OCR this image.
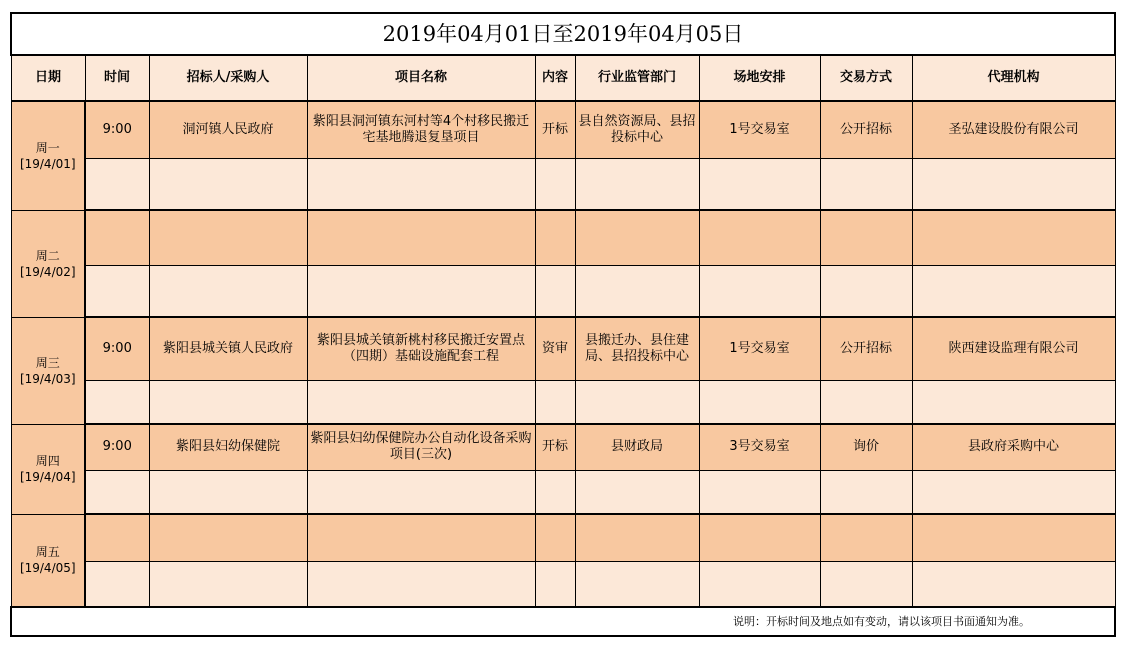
2019年04月01日至2019年04月05日								
日期	时间	招标人/采购人	项目名称	内容	行业监管部门	场地安排	交易方式	代理机构

周一
[19/4/01]	9:00	洞河镇人民政府	紫阳县洞河镇东河村等4个村移民搬迁宅基地腾退复垦项目	开标	县自然资源局、县招投标中心	1号交易室	公开招标	圣弘建设股份有限公司

周二
[19/4/02]								

周三
[19/4/03]	9:00	紫阳县城关镇人民政府	紫阳县城关镇新桃村移民搬迁安置点（四期）基础设施配套工程	资审	县搬迁办、县住建局、县招投标中心	1号交易室	公开招标	陕西建设监理有限公司

周四
[19/4/04]	9:00	紫阳县妇幼保健院	紫阳县妇幼保健院办公自动化设备采购项目(三次)	开标	县财政局	3号交易室	询价	县政府采购中心

周五
[19/4/05]								

说明：开标时间及地点如有变动，请以该项目书面通知为准。								
